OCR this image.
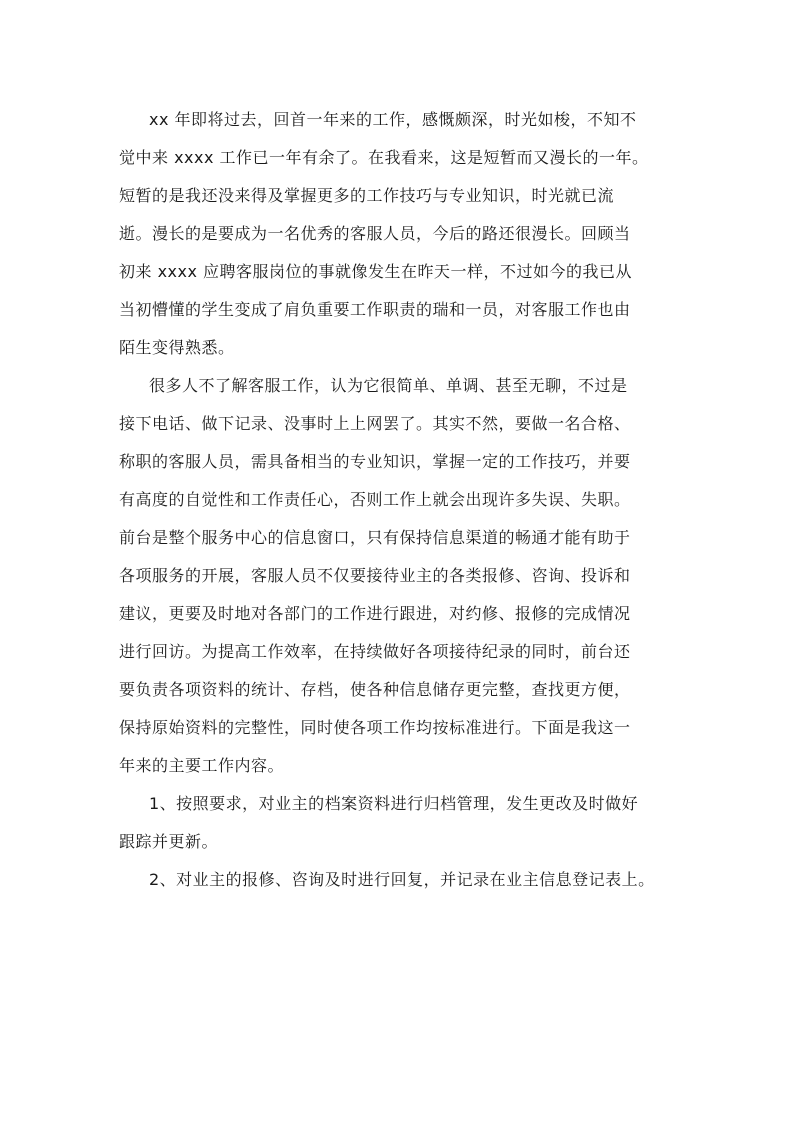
xx 年即将过去，回首一年来的工作，感慨颇深，时光如梭，不知不
觉中来 xxxx 工作已一年有余了。在我看来，这是短暂而又漫长的一年。
短暂的是我还没来得及掌握更多的工作技巧与专业知识，时光就已流
逝。漫长的是要成为一名优秀的客服人员，今后的路还很漫长。回顾当
初来 xxxx 应聘客服岗位的事就像发生在昨天一样，不过如今的我已从
当初懵懂的学生变成了肩负重要工作职责的瑞和一员，对客服工作也由
陌生变得熟悉。
很多人不了解客服工作，认为它很简单、单调、甚至无聊，不过是
接下电话、做下记录、没事时上上网罢了。其实不然，要做一名合格、
称职的客服人员，需具备相当的专业知识，掌握一定的工作技巧，并要
有高度的自觉性和工作责任心，否则工作上就会出现许多失误、失职。
前台是整个服务中心的信息窗口，只有保持信息渠道的畅通才能有助于
各项服务的开展，客服人员不仅要接待业主的各类报修、咨询、投诉和
建议，更要及时地对各部门的工作进行跟进，对约修、报修的完成情况
进行回访。为提高工作效率，在持续做好各项接待纪录的同时，前台还
要负责各项资料的统计、存档，使各种信息储存更完整，查找更方便，
保持原始资料的完整性，同时使各项工作均按标准进行。下面是我这一
年来的主要工作内容。
1、按照要求，对业主的档案资料进行归档管理，发生更改及时做好
跟踪并更新。
2、对业主的报修、咨询及时进行回复，并记录在业主信息登记表上。
